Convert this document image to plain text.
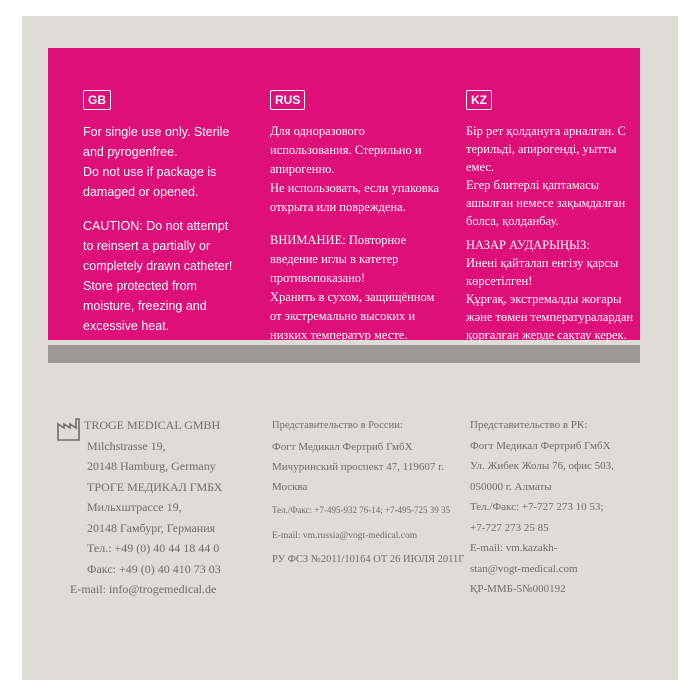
GB

For single use only. Sterile

and pyrogenfree.

Do not use if package is

damaged or opened.

CAUTION: Do not attempt

to reinsert a partially or

completely drawn catheter!

Store protected from

moisture, freezing and

excessive heat.

RUS

Для одноразового

использования. Стерильно и

апирогенно.

Не использовать, если упаковка

открыта или повреждена.

ВНИМАНИЕ: Повторное

введение иглы в катетер

противопоказано!

Хранить в сухом, защищённом

от экстремально высоких и

низких температур месте.

KZ

Бір рет қолдануға арналған. С

терильді, апирогенді, уытты

емес.

Егер блитерлі қаптамасы

ашылған немесе зақымдалған

болса, қолданбау.

НАЗАР АУДАРЫҢЫЗ:

Инені қайталап енгізу қарсы

көрсетілген!

Құрғақ, экстремалды жоғары

және төмен температуралардан

қорғалған жерде сақтау керек.

TROGE MEDICAL GMBH
Milchstrasse 19,
20148 Hamburg, Germany
ТРОГЕ МЕДИКАЛ ГМБХ
Мильхштрассе 19,
20148 Гамбург, Германия
Тел.: +49 (0) 40 44 18 44 0
Факс: +49 (0) 40 410 73 03
E-mail: info@trogemedical.de
Представительство в России:
Фогт Медикал Фертриб ГмбХ
Мичуринский проспект 47, 119607 г.
Москва
Тел./Факс: +7-495-932 76-14; +7-495-725 39 35
E-mail: vm.russia@vogt-medical.com
РУ ФСЗ №2011/10164 ОТ 26 ИЮЛЯ 2011Г
Представительство в РК:
Фогт Медикал Фертриб ГмбХ
Ул. Жибек Жолы 76, офис 503,
050000 г. Алматы
Тел./Факс: +7-727 273 10 53;
+7-727 273 25 85
E-mail: vm.kazakh-
stan@vogt-medical.com
ҚР-ММБ-5№000192
